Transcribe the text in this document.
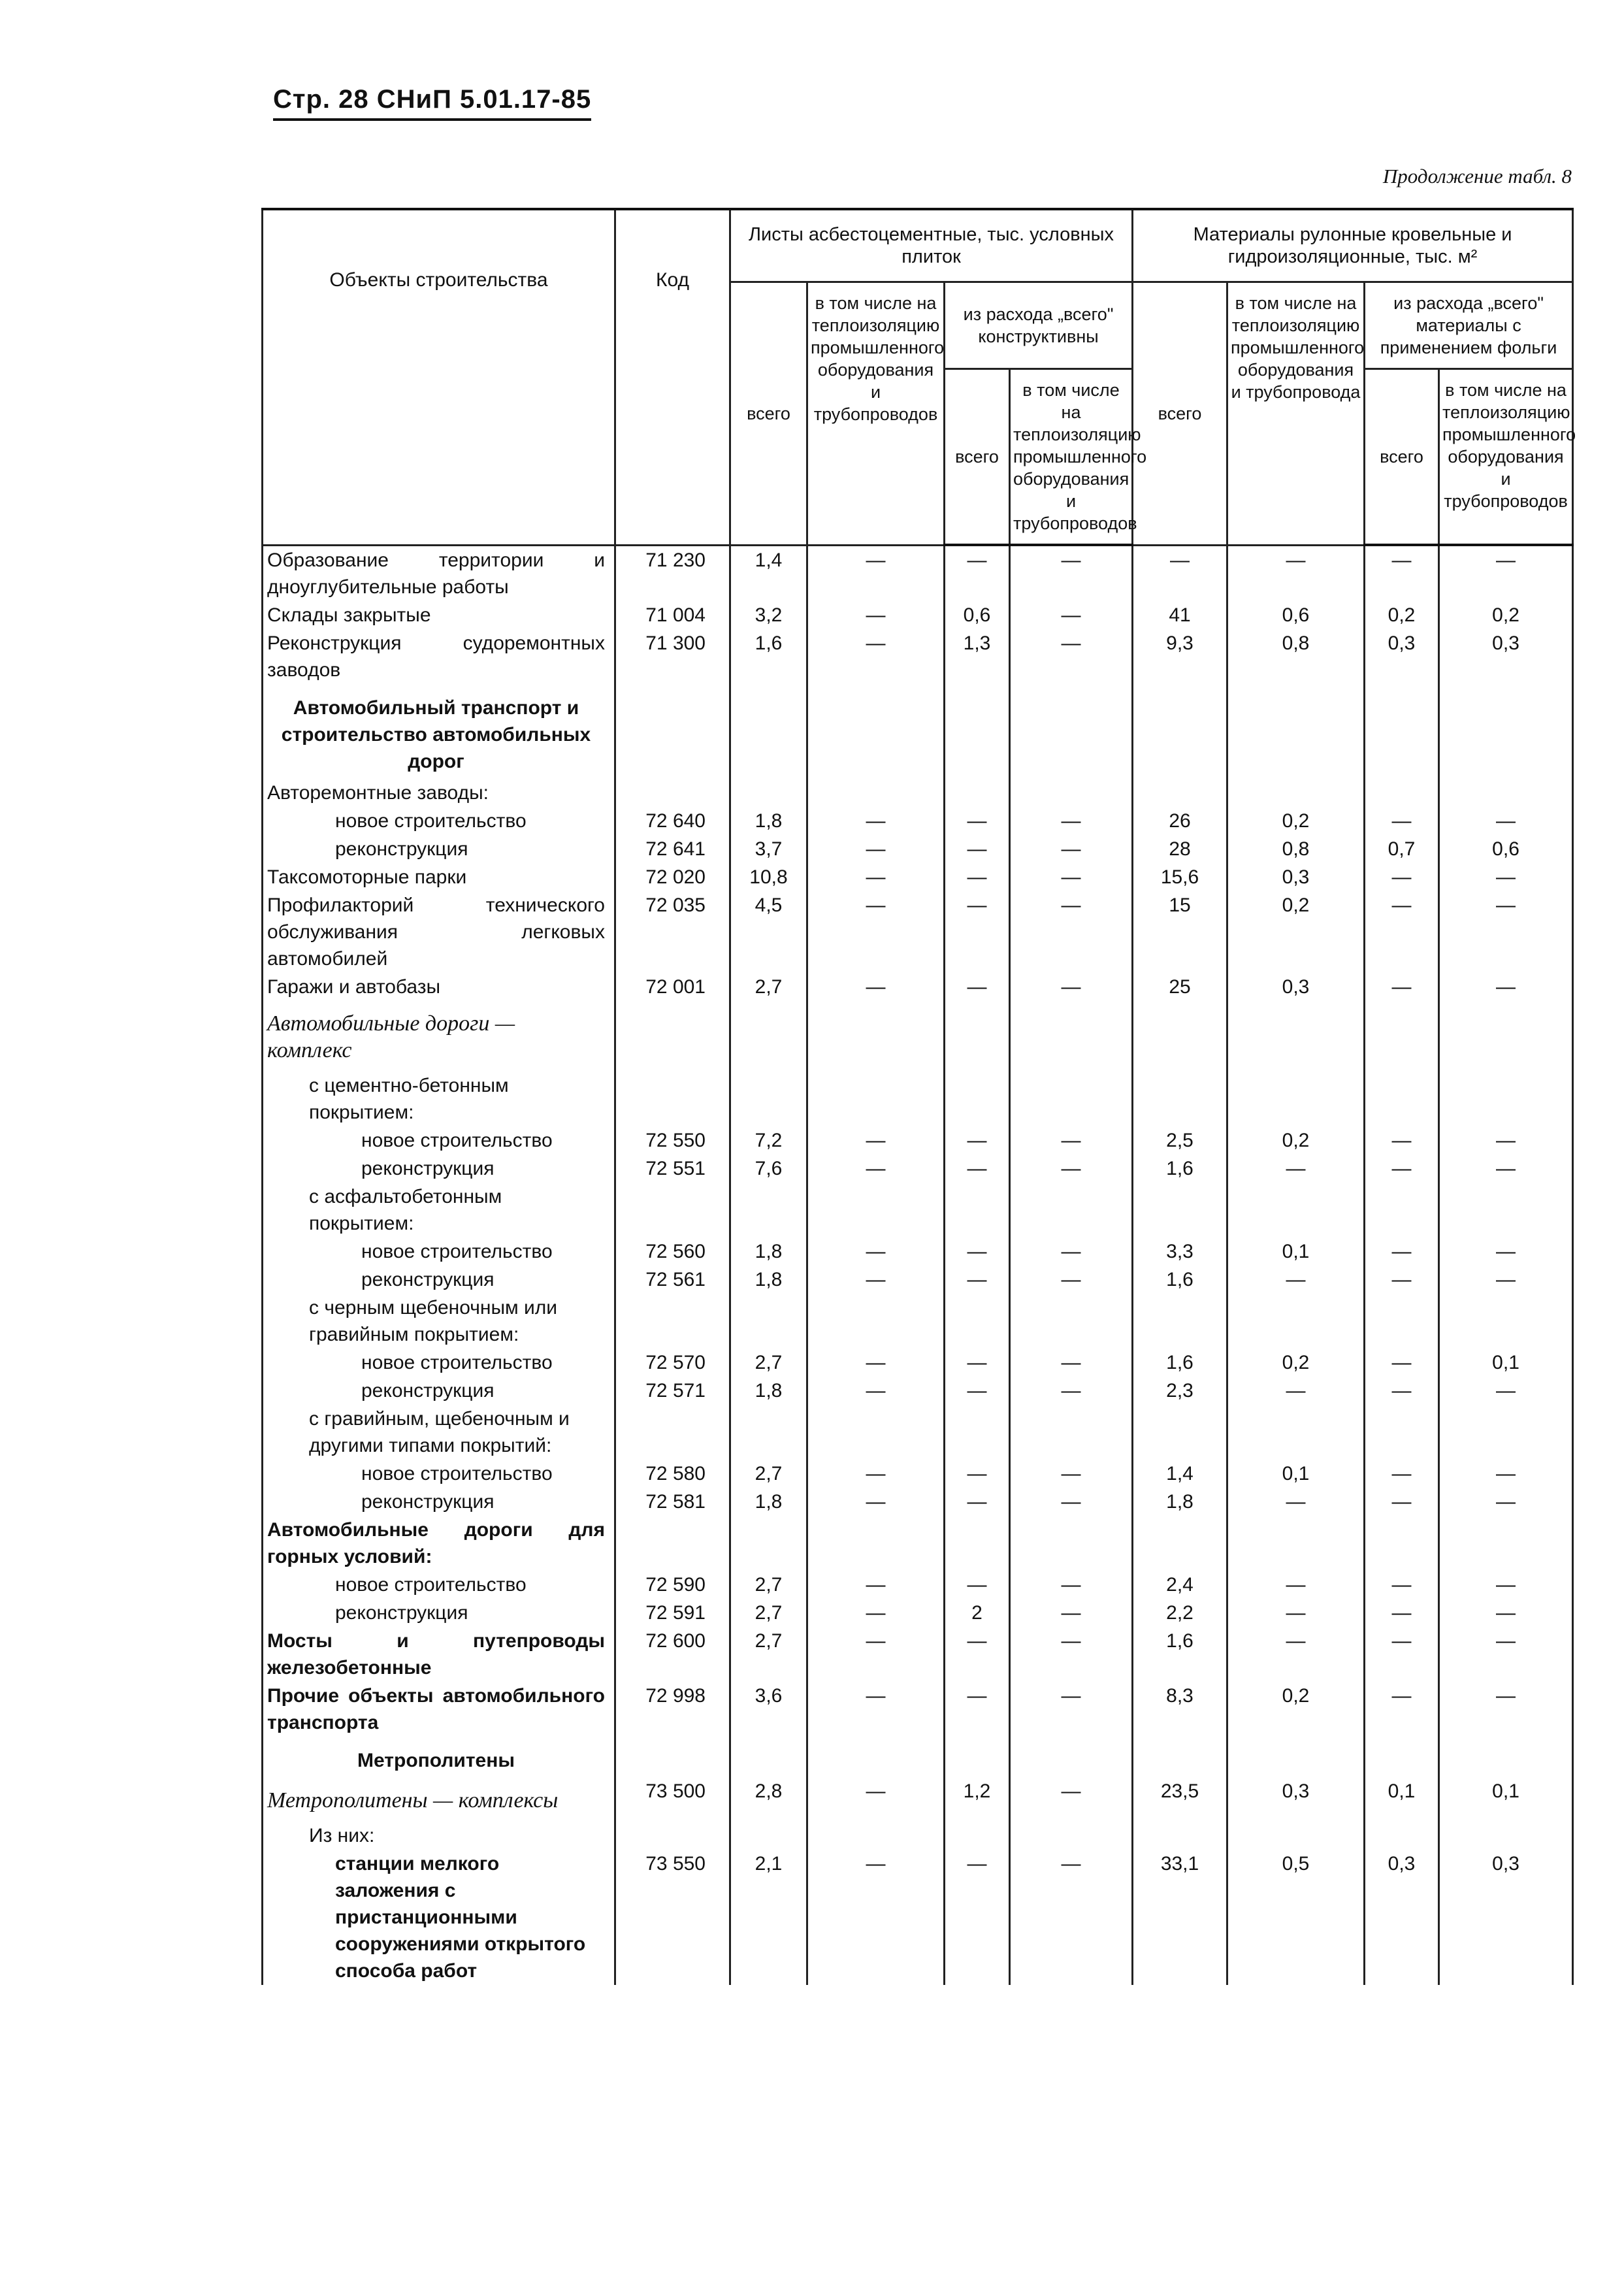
Стр. 28 СНиП 5.01.17-85
Продолжение табл. 8
Объекты строительства	Код	Листы асбестоцементные, тыс. условных плиток				Материалы рулонные кровельные и гидроизоляционные, тыс. м²			
		всего	в том числе на теплоизоляцию промышленного оборудования и трубопроводов	из расхода „всего" конструктивны		всего	в том числе на теплоизоляцию промышленного оборудования и трубопровода	из расхода „всего" материалы с применением фольги	
				всего	в том числе на теплоизоляцию промышленного оборудования и трубопроводов			всего	в том числе на теплоизоляцию промышленного оборудования и трубопроводов
Образование территории и дноуглубительные работы	71 230	1,4	—	—	—	—	—	—	—
Склады закрытые	71 004	3,2	—	0,6	—	41	0,6	0,2	0,2
Реконструкция судоремонтных заводов	71 300	1,6	—	1,3	—	9,3	0,8	0,3	0,3
Автомобильный транспорт и строительство автомобильных дорог									
Авторемонтные заводы:									
новое строительство	72 640	1,8	—	—	—	26	0,2	—	—
реконструкция	72 641	3,7	—	—	—	28	0,8	0,7	0,6
Таксомоторные парки	72 020	10,8	—	—	—	15,6	0,3	—	—
Профилакторий технического обслуживания легковых автомобилей	72 035	4,5	—	—	—	15	0,2	—	—
Гаражи и автобазы	72 001	2,7	—	—	—	25	0,3	—	—
Автомобильные дороги — комплекс									
с цементно-бетонным покрытием:									
новое строительство	72 550	7,2	—	—	—	2,5	0,2	—	—
реконструкция	72 551	7,6	—	—	—	1,6	—	—	—
с асфальтобетонным покрытием:									
новое строительство	72 560	1,8	—	—	—	3,3	0,1	—	—
реконструкция	72 561	1,8	—	—	—	1,6	—	—	—
с черным щебеночным или гравийным покрытием:									
новое строительство	72 570	2,7	—	—	—	1,6	0,2	—	0,1
реконструкция	72 571	1,8	—	—	—	2,3	—	—	—
с гравийным, щебеночным и другими типами покрытий:									
новое строительство	72 580	2,7	—	—	—	1,4	0,1	—	—
реконструкция	72 581	1,8	—	—	—	1,8	—	—	—
Автомобильные дороги для горных условий:									
новое строительство	72 590	2,7	—	—	—	2,4	—	—	—
реконструкция	72 591	2,7	—	2	—	2,2	—	—	—
Мосты и путепроводы железобетонные	72 600	2,7	—	—	—	1,6	—	—	—
Прочие объекты автомобильного транспорта	72 998	3,6	—	—	—	8,3	0,2	—	—
Метрополитены									
Метрополитены — комплексы	73 500	2,8	—	1,2	—	23,5	0,3	0,1	0,1
Из них:									
станции мелкого заложения с пристанционными сооружениями открытого способа работ	73 550	2,1	—	—	—	33,1	0,5	0,3	0,3
